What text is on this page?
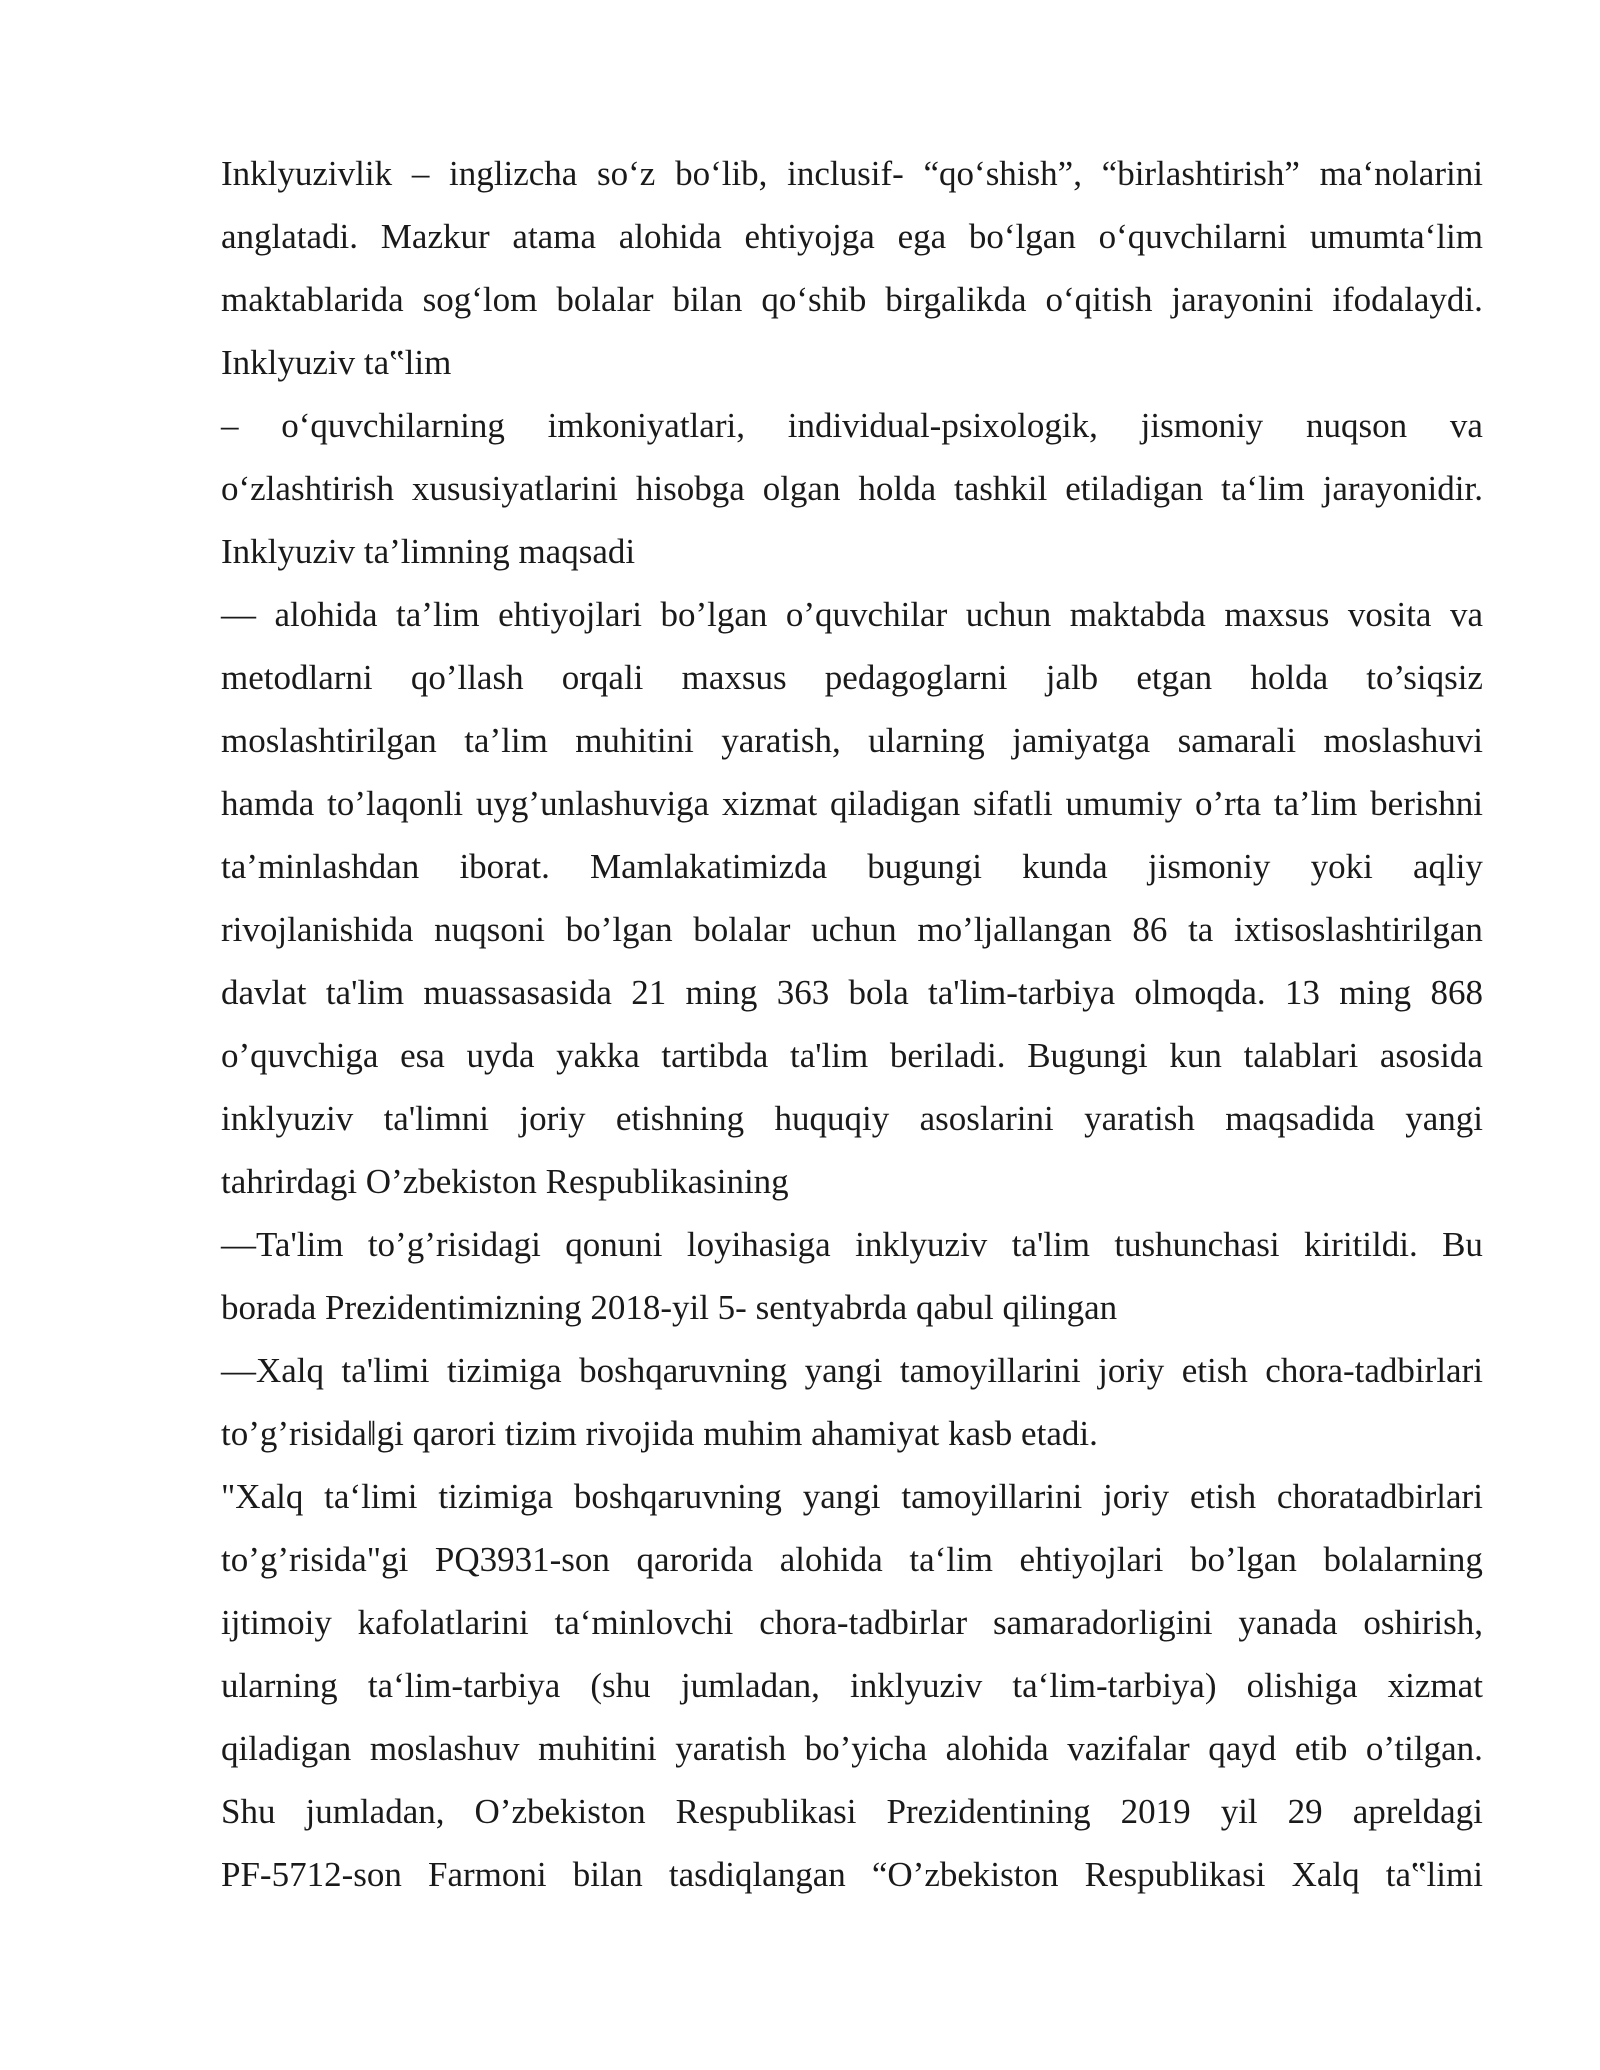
Inklyuzivlik – inglizcha so‘z bo‘lib, inclusif- “qo‘shish”, “birlashtirish” ma‘nolarini
anglatadi. Mazkur atama alohida ehtiyojga ega bo‘lgan o‘quvchilarni umumta‘lim
maktablarida sog‘lom bolalar bilan qo‘shib birgalikda o‘qitish jarayonini ifodalaydi.
Inklyuziv ta‟lim
– o‘quvchilarning imkoniyatlari, individual-psixologik, jismoniy nuqson va
o‘zlashtirish xususiyatlarini hisobga olgan holda tashkil etiladigan ta‘lim jarayonidir.
Inklyuziv ta’limning maqsadi
— alohida ta’lim ehtiyojlari bo’lgan o’quvchilar uchun maktabda maxsus vosita va
metodlarni qo’llash orqali maxsus pedagoglarni jalb etgan holda to’siqsiz
moslashtirilgan ta’lim muhitini yaratish, ularning jamiyatga samarali moslashuvi
hamda to’laqonli uyg’unlashuviga xizmat qiladigan sifatli umumiy o’rta ta’lim berishni
ta’minlashdan iborat. Mamlakatimizda bugungi kunda jismoniy yoki aqliy
rivojlanishida nuqsoni bo’lgan bolalar uchun mo’ljallangan 86 ta ixtisoslashtirilgan
davlat ta'lim muassasasida 21 ming 363 bola ta'lim-tarbiya olmoqda. 13 ming 868
o’quvchiga esa uyda yakka tartibda ta'lim beriladi. Bugungi kun talablari asosida
inklyuziv ta'limni joriy etishning huquqiy asoslarini yaratish maqsadida yangi
tahrirdagi O’zbekiston Respublikasining
—Ta'lim to’g’risidagi qonuni loyihasiga inklyuziv ta'lim tushunchasi kiritildi. Bu
borada Prezidentimizning 2018-yil 5- sentyabrda qabul qilingan
—Xalq ta'limi tizimiga boshqaruvning yangi tamoyillarini joriy etish chora-tadbirlari
to’g’risida‖gi qarori tizim rivojida muhim ahamiyat kasb etadi.
"Xalq ta‘limi tizimiga boshqaruvning yangi tamoyillarini joriy etish choratadbirlari
to’g’risida"gi PQ3931-son qarorida alohida ta‘lim ehtiyojlari bo’lgan bolalarning
ijtimoiy kafolatlarini ta‘minlovchi chora-tadbirlar samaradorligini yanada oshirish,
ularning ta‘lim-tarbiya (shu jumladan, inklyuziv ta‘lim-tarbiya) olishiga xizmat
qiladigan moslashuv muhitini yaratish bo’yicha alohida vazifalar qayd etib o’tilgan.
Shu jumladan, O’zbekiston Respublikasi Prezidentining 2019 yil 29 apreldagi
PF-5712-son Farmoni bilan tasdiqlangan “O’zbekiston Respublikasi Xalq ta‟limi
